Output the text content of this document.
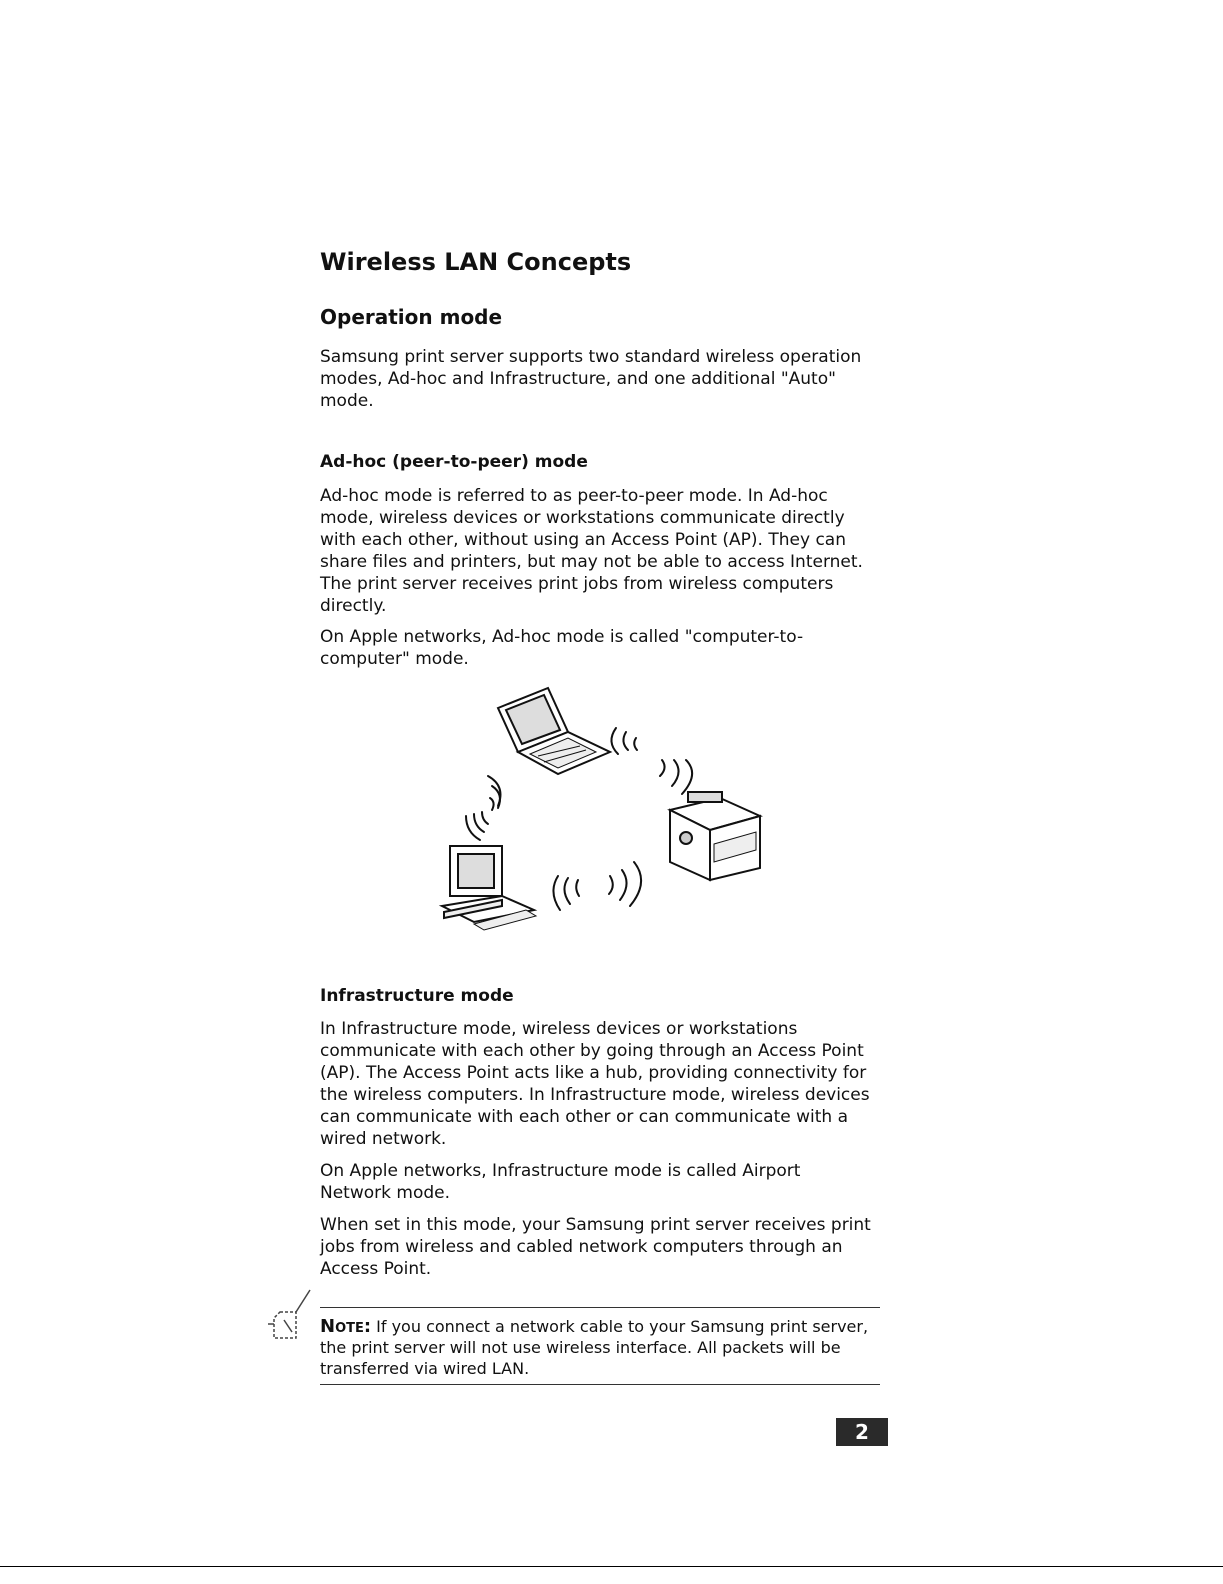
Wireless LAN Concepts
Operation mode

Samsung print server supports two standard wireless operation modes, Ad-hoc and Infrastructure, and one additional "Auto" mode.

Ad-hoc (peer-to-peer) mode

Ad-hoc mode is referred to as peer-to-peer mode. In Ad-hoc mode, wireless devices or workstations communicate directly with each other, without using an Access Point (AP). They can share files and printers, but may not be able to access Internet. The print server receives print jobs from wireless computers directly.

On Apple networks, Ad-hoc mode is called "computer-to-computer" mode.

Infrastructure mode

In Infrastructure mode, wireless devices or workstations communicate with each other by going through an Access Point (AP). The Access Point acts like a hub, providing connectivity for the wireless computers. In Infrastructure mode, wireless devices can communicate with each other or can communicate with a wired network.

On Apple networks, Infrastructure mode is called Airport Network mode.

When set in this mode, your Samsung print server receives print jobs from wireless and cabled network computers through an Access Point.

Note: If you connect a network cable to your Samsung print server, the print server will not use wireless interface. All packets will be transferred via wired LAN.

2
